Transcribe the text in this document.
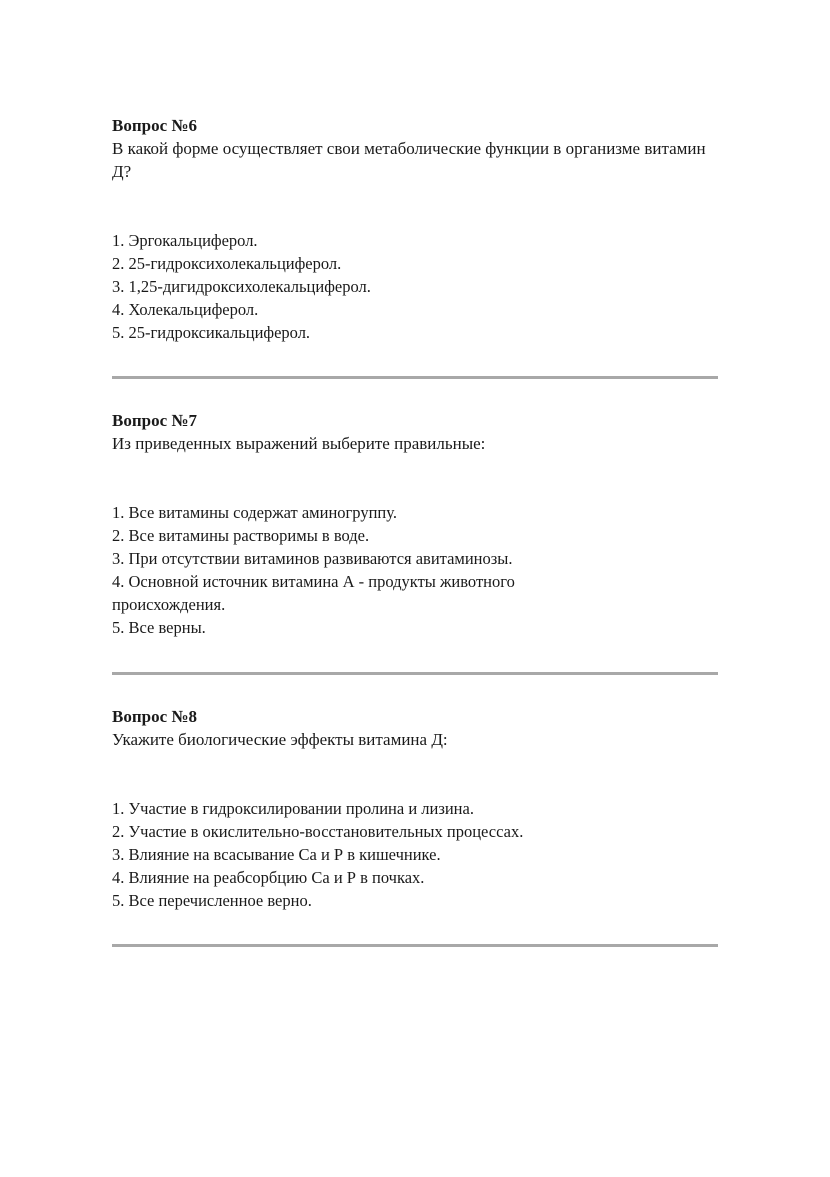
Вопрос №6

В какой форме осуществляет свои метаболические функции в организме витамин Д?

1. Эргокальциферол.
2. 25-гидроксихолекальциферол.
3. 1,25-дигидроксихолекальциферол.
4. Холекальциферол.
5. 25-гидроксикальциферол.

Вопрос №7

Из приведенных выражений выберите правильные:

1. Все витамины содержат аминогруппу.
2. Все витамины растворимы в воде.
3. При отсутствии витаминов развиваются авитаминозы.
4. Основной источник витамина А - продукты животного происхождения.
5. Все верны.

Вопрос №8

Укажите биологические эффекты витамина Д:

1. Участие в гидроксилировании пролина и лизина.
2. Участие в окислительно-восстановительных процессах.
3. Влияние на всасывание Са и Р в кишечнике.
4. Влияние на реабсорбцию Са и Р в почках.
5. Все перечисленное верно.
